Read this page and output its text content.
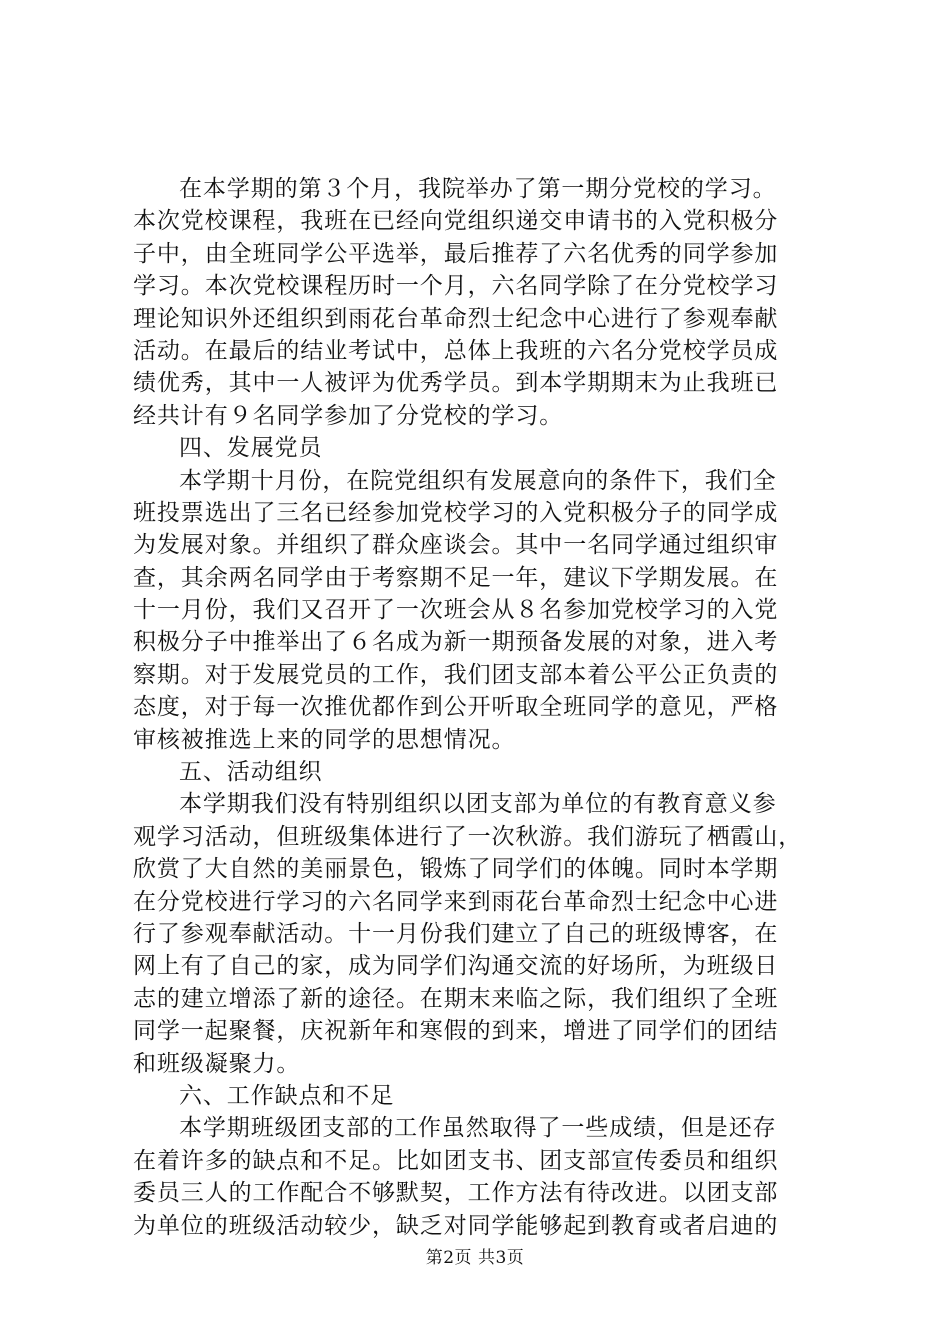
在本学期的第３个月，我院举办了第一期分党校的学习。
本次党校课程，我班在已经向党组织递交申请书的入党积极分
子中，由全班同学公平选举，最后推荐了六名优秀的同学参加
学习。本次党校课程历时一个月，六名同学除了在分党校学习
理论知识外还组织到雨花台革命烈士纪念中心进行了参观奉献
活动。在最后的结业考试中，总体上我班的六名分党校学员成
绩优秀，其中一人被评为优秀学员。到本学期期末为止我班已
经共计有９名同学参加了分党校的学习。
四、发展党员
本学期十月份，在院党组织有发展意向的条件下，我们全
班投票选出了三名已经参加党校学习的入党积极分子的同学成
为发展对象。并组织了群众座谈会。其中一名同学通过组织审
查，其余两名同学由于考察期不足一年，建议下学期发展。在
十一月份，我们又召开了一次班会从８名参加党校学习的入党
积极分子中推举出了６名成为新一期预备发展的对象，进入考
察期。对于发展党员的工作，我们团支部本着公平公正负责的
态度，对于每一次推优都作到公开听取全班同学的意见，严格
审核被推选上来的同学的思想情况。
五、活动组织
本学期我们没有特别组织以团支部为单位的有教育意义参
观学习活动，但班级集体进行了一次秋游。我们游玩了栖霞山，
欣赏了大自然的美丽景色，锻炼了同学们的体魄。同时本学期
在分党校进行学习的六名同学来到雨花台革命烈士纪念中心进
行了参观奉献活动。十一月份我们建立了自己的班级博客，在
网上有了自己的家，成为同学们沟通交流的好场所，为班级日
志的建立增添了新的途径。在期末来临之际，我们组织了全班
同学一起聚餐，庆祝新年和寒假的到来，增进了同学们的团结
和班级凝聚力。
六、工作缺点和不足
本学期班级团支部的工作虽然取得了一些成绩，但是还存
在着许多的缺点和不足。比如团支书、团支部宣传委员和组织
委员三人的工作配合不够默契，工作方法有待改进。以团支部
为单位的班级活动较少，缺乏对同学能够起到教育或者启迪的
第2页 共3页
